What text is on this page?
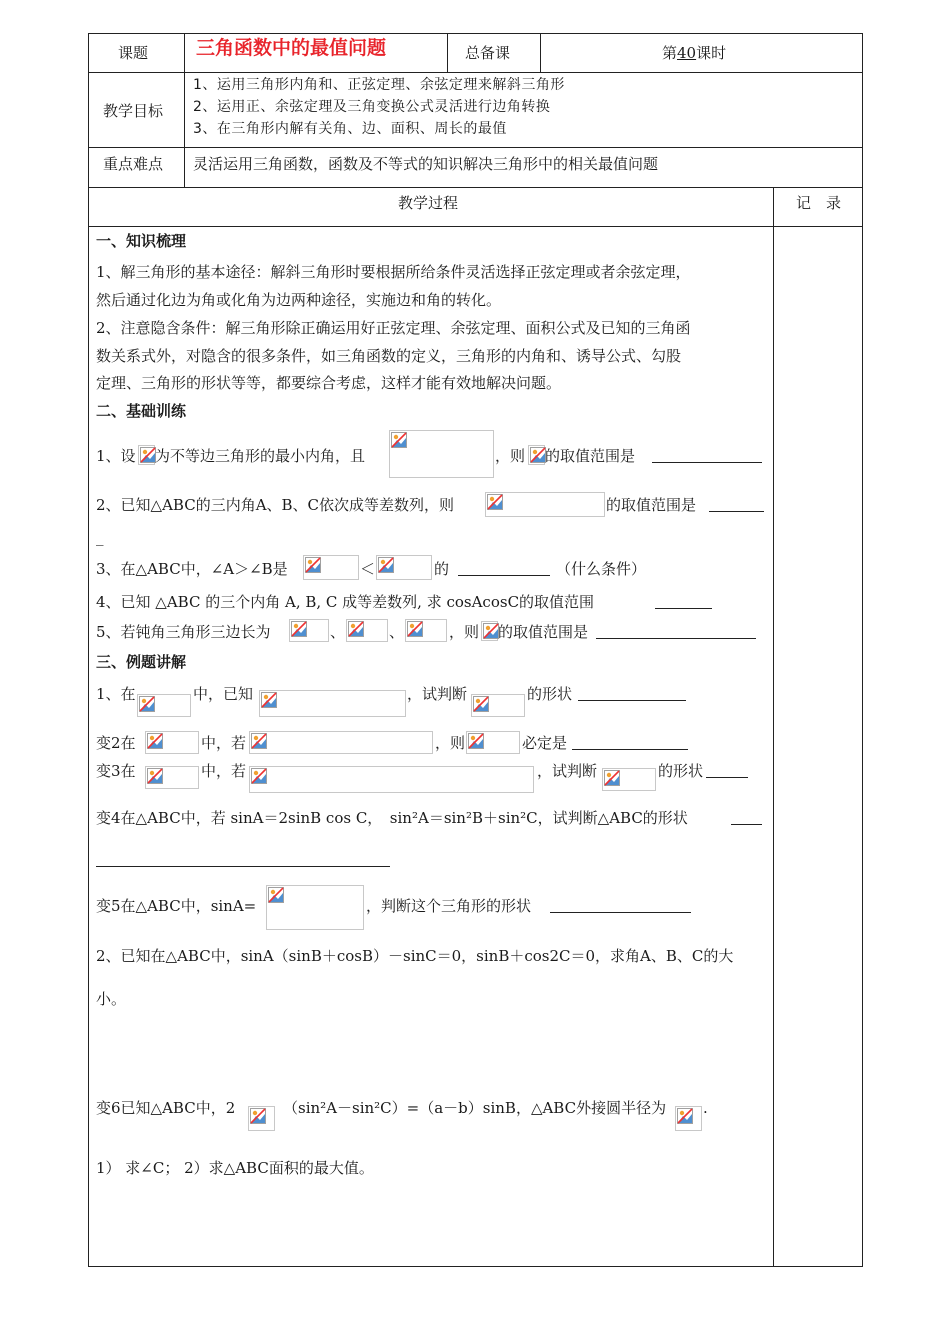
课题	三角函数中的最值问题	总备课	第40课时
教学目标
1、运用三角形内角和、正弦定理、余弦定理来解斜三角形
2、运用正、余弦定理及三角变换公式灵活进行边角转换
3、在三角形内解有关角、边、面积、周长的最值
重点难点 灵活运用三角函数，函数及不等式的知识解决三角形中的相关最值问题
教学过程	记　录
一、知识梳理
1、解三角形的基本途径：解斜三角形时要根据所给条件灵活选择正弦定理或者余弦定理，
然后通过化边为角或化角为边两种途径，实施边和角的转化。
2、注意隐含条件：解三角形除正确运用好正弦定理、余弦定理、面积公式及已知的三角函
数关系式外，对隐含的很多条件，如三角函数的定义，三角形的内角和、诱导公式、勾股
定理、三角形的形状等等，都要综合考虑，这样才能有效地解决问题。
二、基础训练
1、设 为不等边三角形的最小内角，且	，则 的取值范围是
2、已知△ABC的三内角A、B、C依次成等差数列，则	的取值范围是
_
3、在△ABC中，∠A＞∠B是	＜	的	（什么条件）
4、已知 △ABC 的三个内角 A, B, C 成等差数列, 求 cosAcosC的取值范围
5、若钝角三角形三边长为	、	、	，则 的取值范围是
三、例题讲解
1、在	中，已知	，试判断	的形状
变2在	中，若	，则	必定是
变3在	中，若	，试判断	的形状
变4在△ABC中，若 sinA＝2sinB cos C，　sin²A＝sin²B＋sin²C，试判断△ABC的形状
变5在△ABC中，sinA=	，判断这个三角形的形状
2、已知在△ABC中，sinA（sinB＋cosB）－sinC＝0，sinB＋cos2C＝0，求角A、B、C的大
小。
变6已知△ABC中，2	（sin²A－sin²C）=（a－b）sinB，△ABC外接圆半径为 .
1） 求∠C； 2）求△ABC面积的最大值。
